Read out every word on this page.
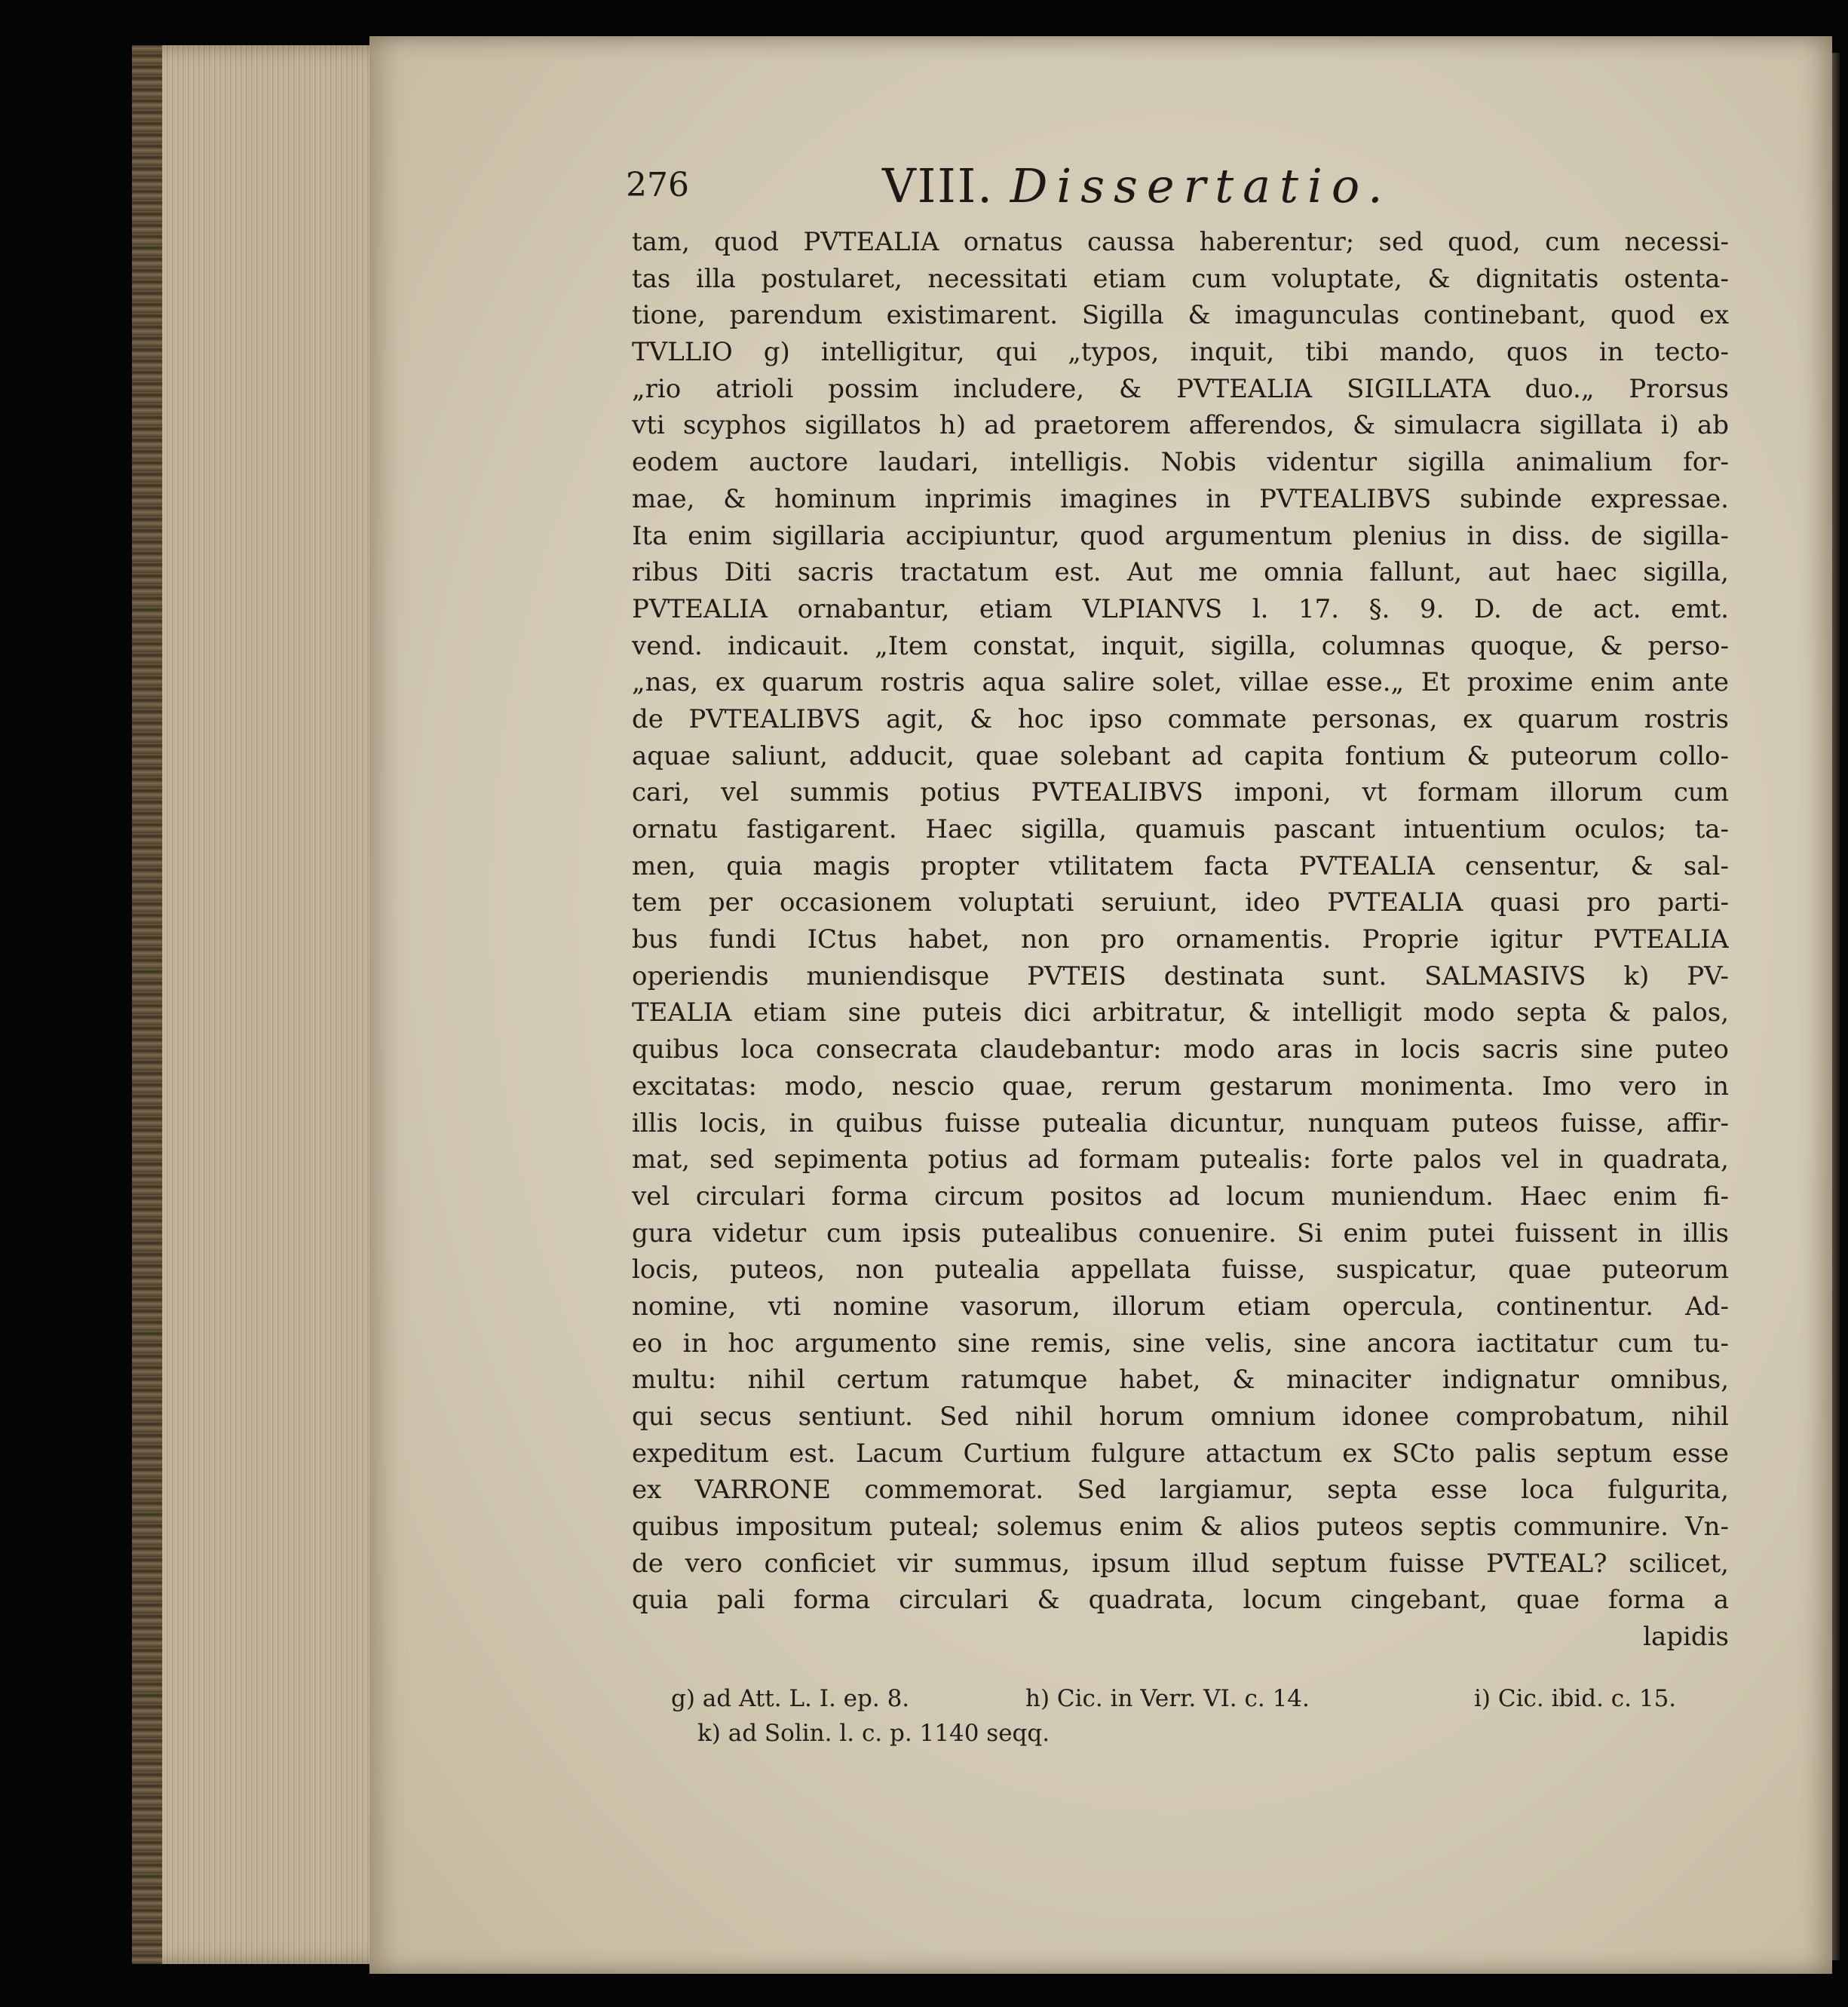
276	VIII. Dissertatio.
tam, quod PVTEALIA ornatus caussa haberentur; sed quod, cum necessi-
tas illa postularet, necessitati etiam cum voluptate, & dignitatis ostenta-
tione, parendum existimarent. Sigilla & imagunculas continebant, quod ex
TVLLIO g) intelligitur, qui „typos, inquit, tibi mando, quos in tecto-
„rio atrioli possim includere, & PVTEALIA SIGILLATA duo.„ Prorsus
vti scyphos sigillatos h) ad praetorem afferendos, & simulacra sigillata i) ab
eodem auctore laudari, intelligis. Nobis videntur sigilla animalium for-
mae, & hominum inprimis imagines in PVTEALIBVS subinde expressae.
Ita enim sigillaria accipiuntur, quod argumentum plenius in diss. de sigilla-
ribus Diti sacris tractatum est. Aut me omnia fallunt, aut haec sigilla,
PVTEALIA ornabantur, etiam VLPIANVS l. 17. §. 9. D. de act. emt.
vend. indicauit. „Item constat, inquit, sigilla, columnas quoque, & perso-
„nas, ex quarum rostris aqua salire solet, villae esse.„ Et proxime enim ante
de PVTEALIBVS agit, & hoc ipso commate personas, ex quarum rostris
aquae saliunt, adducit, quae solebant ad capita fontium & puteorum collo-
cari, vel summis potius PVTEALIBVS imponi, vt formam illorum cum
ornatu fastigarent. Haec sigilla, quamuis pascant intuentium oculos; ta-
men, quia magis propter vtilitatem facta PVTEALIA censentur, & sal-
tem per occasionem voluptati seruiunt, ideo PVTEALIA quasi pro parti-
bus fundi ICtus habet, non pro ornamentis. Proprie igitur PVTEALIA
operiendis muniendisque PVTEIS destinata sunt. SALMASIVS k) PV-
TEALIA etiam sine puteis dici arbitratur, & intelligit modo septa & palos,
quibus loca consecrata claudebantur: modo aras in locis sacris sine puteo
excitatas: modo, nescio quae, rerum gestarum monimenta. Imo vero in
illis locis, in quibus fuisse putealia dicuntur, nunquam puteos fuisse, affir-
mat, sed sepimenta potius ad formam putealis: forte palos vel in quadrata,
vel circulari forma circum positos ad locum muniendum. Haec enim fi-
gura videtur cum ipsis putealibus conuenire. Si enim putei fuissent in illis
locis, puteos, non putealia appellata fuisse, suspicatur, quae puteorum
nomine, vti nomine vasorum, illorum etiam opercula, continentur. Ad-
eo in hoc argumento sine remis, sine velis, sine ancora iactitatur cum tu-
multu: nihil certum ratumque habet, & minaciter indignatur omnibus,
qui secus sentiunt. Sed nihil horum omnium idonee comprobatum, nihil
expeditum est. Lacum Curtium fulgure attactum ex SCto palis septum esse
ex VARRONE commemorat. Sed largiamur, septa esse loca fulgurita,
quibus impositum puteal; solemus enim & alios puteos septis communire. Vn-
de vero conficiet vir summus, ipsum illud septum fuisse PVTEAL? scilicet,
quia pali forma circulari & quadrata, locum cingebant, quae forma a
lapidis
g) ad Att. L. I. ep. 8.	h) Cic. in Verr. VI. c. 14.	i) Cic. ibid. c. 15.
k) ad Solin. l. c. p. 1140 seqq.
